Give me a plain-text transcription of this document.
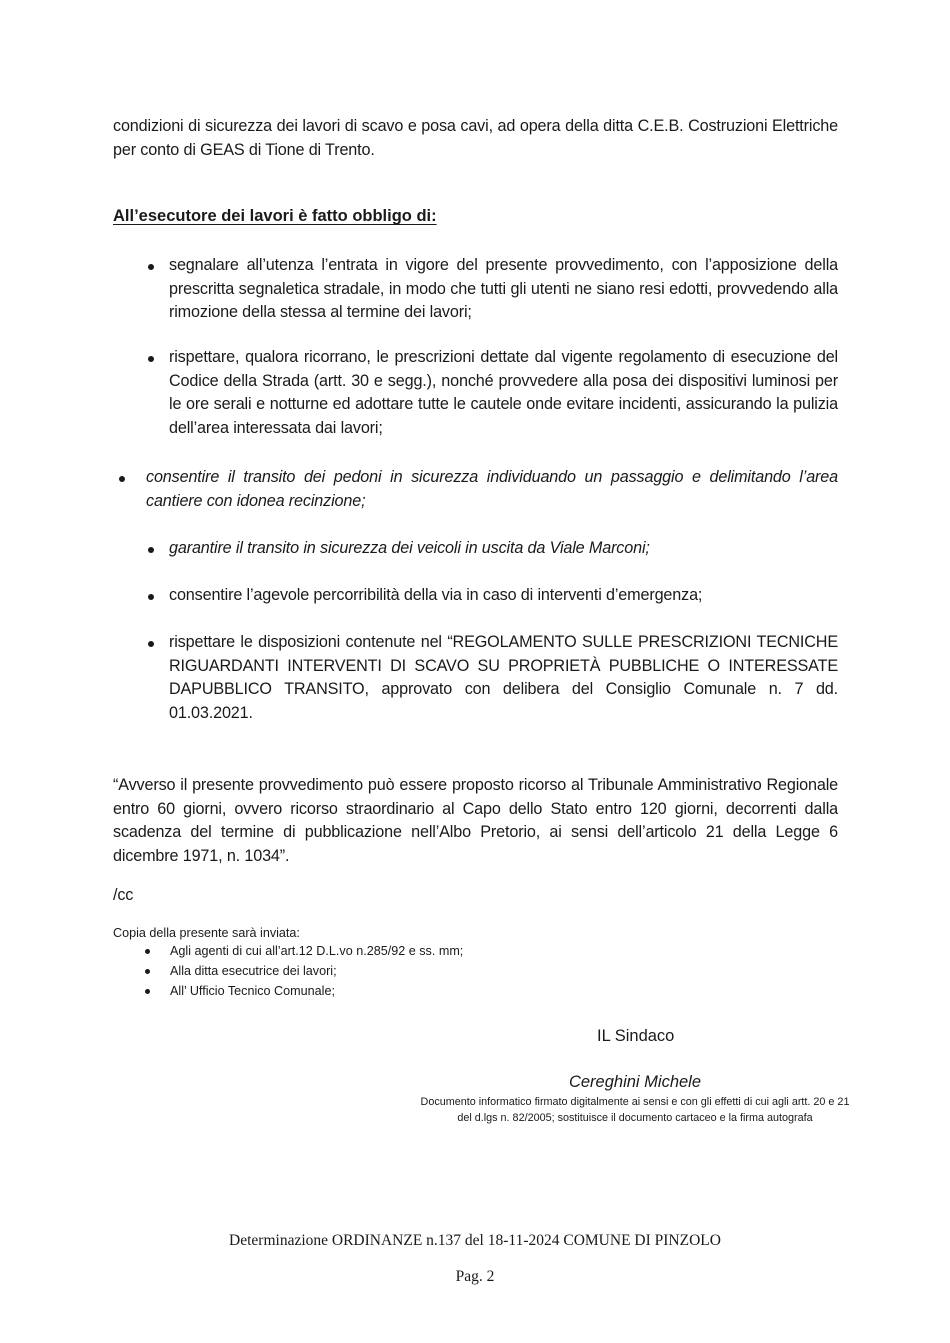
condizioni di sicurezza dei lavori di scavo e posa cavi, ad opera della ditta C.E.B. Costruzioni Elettriche per conto di GEAS di Tione di Trento.
All’esecutore dei lavori è fatto obbligo di:
segnalare all’utenza l’entrata in vigore del presente provvedimento, con l’apposizione della prescritta segnaletica stradale, in modo che tutti gli utenti ne siano resi edotti, provvedendo alla rimozione della stessa al termine dei lavori;
rispettare, qualora ricorrano, le prescrizioni dettate dal vigente regolamento di esecuzione del Codice della Strada (artt. 30 e segg.), nonché provvedere alla posa dei dispositivi luminosi per le ore serali e notturne ed adottare tutte le cautele onde evitare incidenti, assicurando la pulizia dell’area interessata dai lavori;
consentire il transito dei pedoni in sicurezza individuando un passaggio e delimitando l’area cantiere con idonea recinzione;
garantire il transito in sicurezza dei veicoli in uscita da Viale Marconi;
consentire l’agevole percorribilità della via in caso di interventi d’emergenza;
rispettare le disposizioni contenute nel “REGOLAMENTO SULLE PRESCRIZIONI TECNICHE RIGUARDANTI INTERVENTI DI SCAVO SU PROPRIETÀ PUBBLICHE O INTERESSATE DAPUBBLICO TRANSITO, approvato con delibera del Consiglio Comunale n. 7 dd. 01.03.2021.
“Avverso il presente provvedimento può essere proposto ricorso al Tribunale Amministrativo Regionale entro 60 giorni, ovvero ricorso straordinario al Capo dello Stato entro 120 giorni, decorrenti dalla scadenza del termine di pubblicazione nell’Albo Pretorio, ai sensi dell’articolo 21 della Legge 6 dicembre 1971, n. 1034”.
/cc
Copia della presente sarà inviata:
Agli agenti di cui all’art.12 D.L.vo n.285/92 e ss. mm;
Alla ditta esecutrice dei lavori;
All’ Ufficio Tecnico Comunale;
IL Sindaco
Cereghini Michele
Documento informatico firmato digitalmente ai sensi e con gli effetti di cui agli artt. 20 e 21 del d.lgs n. 82/2005; sostituisce il documento cartaceo e la firma autografa
Determinazione ORDINANZE n.137 del 18-11-2024 COMUNE DI PINZOLO
Pag. 2
